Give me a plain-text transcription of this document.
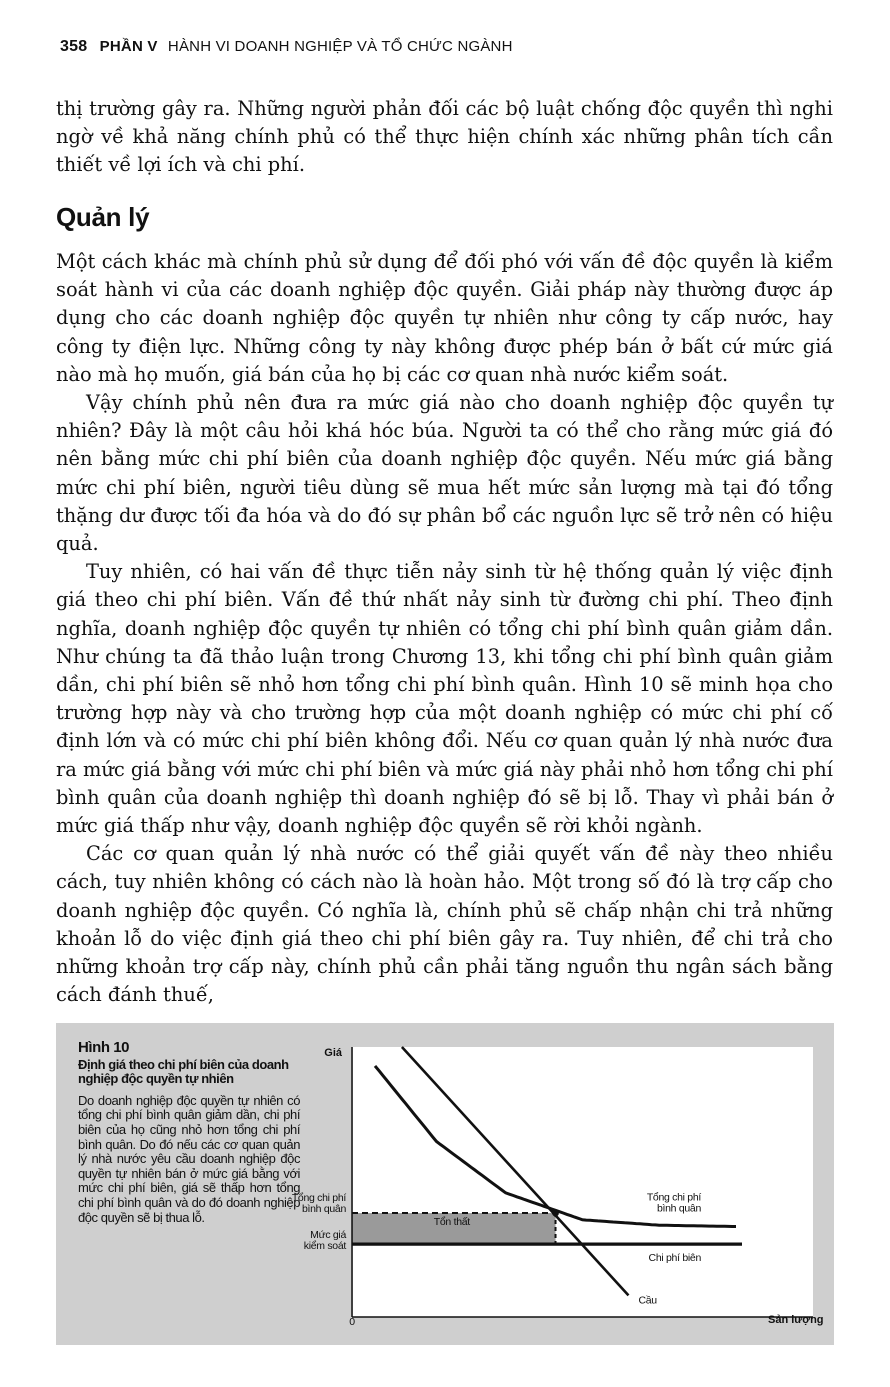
358 PHẦN V HÀNH VI DOANH NGHIỆP VÀ TỔ CHỨC NGÀNH

thị trường gây ra. Những người phản đối các bộ luật chống độc quyền thì nghi ngờ về khả năng chính phủ có thể thực hiện chính xác những phân tích cần thiết về lợi ích và chi phí.

Quản lý

Một cách khác mà chính phủ sử dụng để đối phó với vấn đề độc quyền là kiểm soát hành vi của các doanh nghiệp độc quyền. Giải pháp này thường được áp dụng cho các doanh nghiệp độc quyền tự nhiên như công ty cấp nước, hay công ty điện lực. Những công ty này không được phép bán ở bất cứ mức giá nào mà họ muốn, giá bán của họ bị các cơ quan nhà nước kiểm soát.

Vậy chính phủ nên đưa ra mức giá nào cho doanh nghiệp độc quyền tự nhiên? Đây là một câu hỏi khá hóc búa. Người ta có thể cho rằng mức giá đó nên bằng mức chi phí biên của doanh nghiệp độc quyền. Nếu mức giá bằng mức chi phí biên, người tiêu dùng sẽ mua hết mức sản lượng mà tại đó tổng thặng dư được tối đa hóa và do đó sự phân bổ các nguồn lực sẽ trở nên có hiệu quả.

Tuy nhiên, có hai vấn đề thực tiễn nảy sinh từ hệ thống quản lý việc định giá theo chi phí biên. Vấn đề thứ nhất nảy sinh từ đường chi phí. Theo định nghĩa, doanh nghiệp độc quyền tự nhiên có tổng chi phí bình quân giảm dần. Như chúng ta đã thảo luận trong Chương 13, khi tổng chi phí bình quân giảm dần, chi phí biên sẽ nhỏ hơn tổng chi phí bình quân. Hình 10 sẽ minh họa cho trường hợp này và cho trường hợp của một doanh nghiệp có mức chi phí cố định lớn và có mức chi phí biên không đổi. Nếu cơ quan quản lý nhà nước đưa ra mức giá bằng với mức chi phí biên và mức giá này phải nhỏ hơn tổng chi phí bình quân của doanh nghiệp thì doanh nghiệp đó sẽ bị lỗ. Thay vì phải bán ở mức giá thấp như vậy, doanh nghiệp độc quyền sẽ rời khỏi ngành.

Các cơ quan quản lý nhà nước có thể giải quyết vấn đề này theo nhiều cách, tuy nhiên không có cách nào là hoàn hảo. Một trong số đó là trợ cấp cho doanh nghiệp độc quyền. Có nghĩa là, chính phủ sẽ chấp nhận chi trả những khoản lỗ do việc định giá theo chi phí biên gây ra. Tuy nhiên, để chi trả cho những khoản trợ cấp này, chính phủ cần phải tăng nguồn thu ngân sách bằng cách đánh thuế,

Hình 10
Định giá theo chi phí biên của doanh nghiệp độc quyền tự nhiên
Do doanh nghiệp độc quyền tự nhiên có tổng chi phí bình quân giảm dần, chi phí biên của họ cũng nhỏ hơn tổng chi phí bình quân. Do đó nếu các cơ quan quản lý nhà nước yêu cầu doanh nghiệp độc quyền tự nhiên bán ở mức giá bằng với mức chi phí biên, giá sẽ thấp hơn tổng chi phí bình quân và do đó doanh nghiệp độc quyền sẽ bị thua lỗ.
Tổng chi phí
bình quân
Mức giá
kiểm soát
Tổn thất
Tổng chi phí
bình quân
Chi phí biên
Cầu
Giá
Sản lượng
0
